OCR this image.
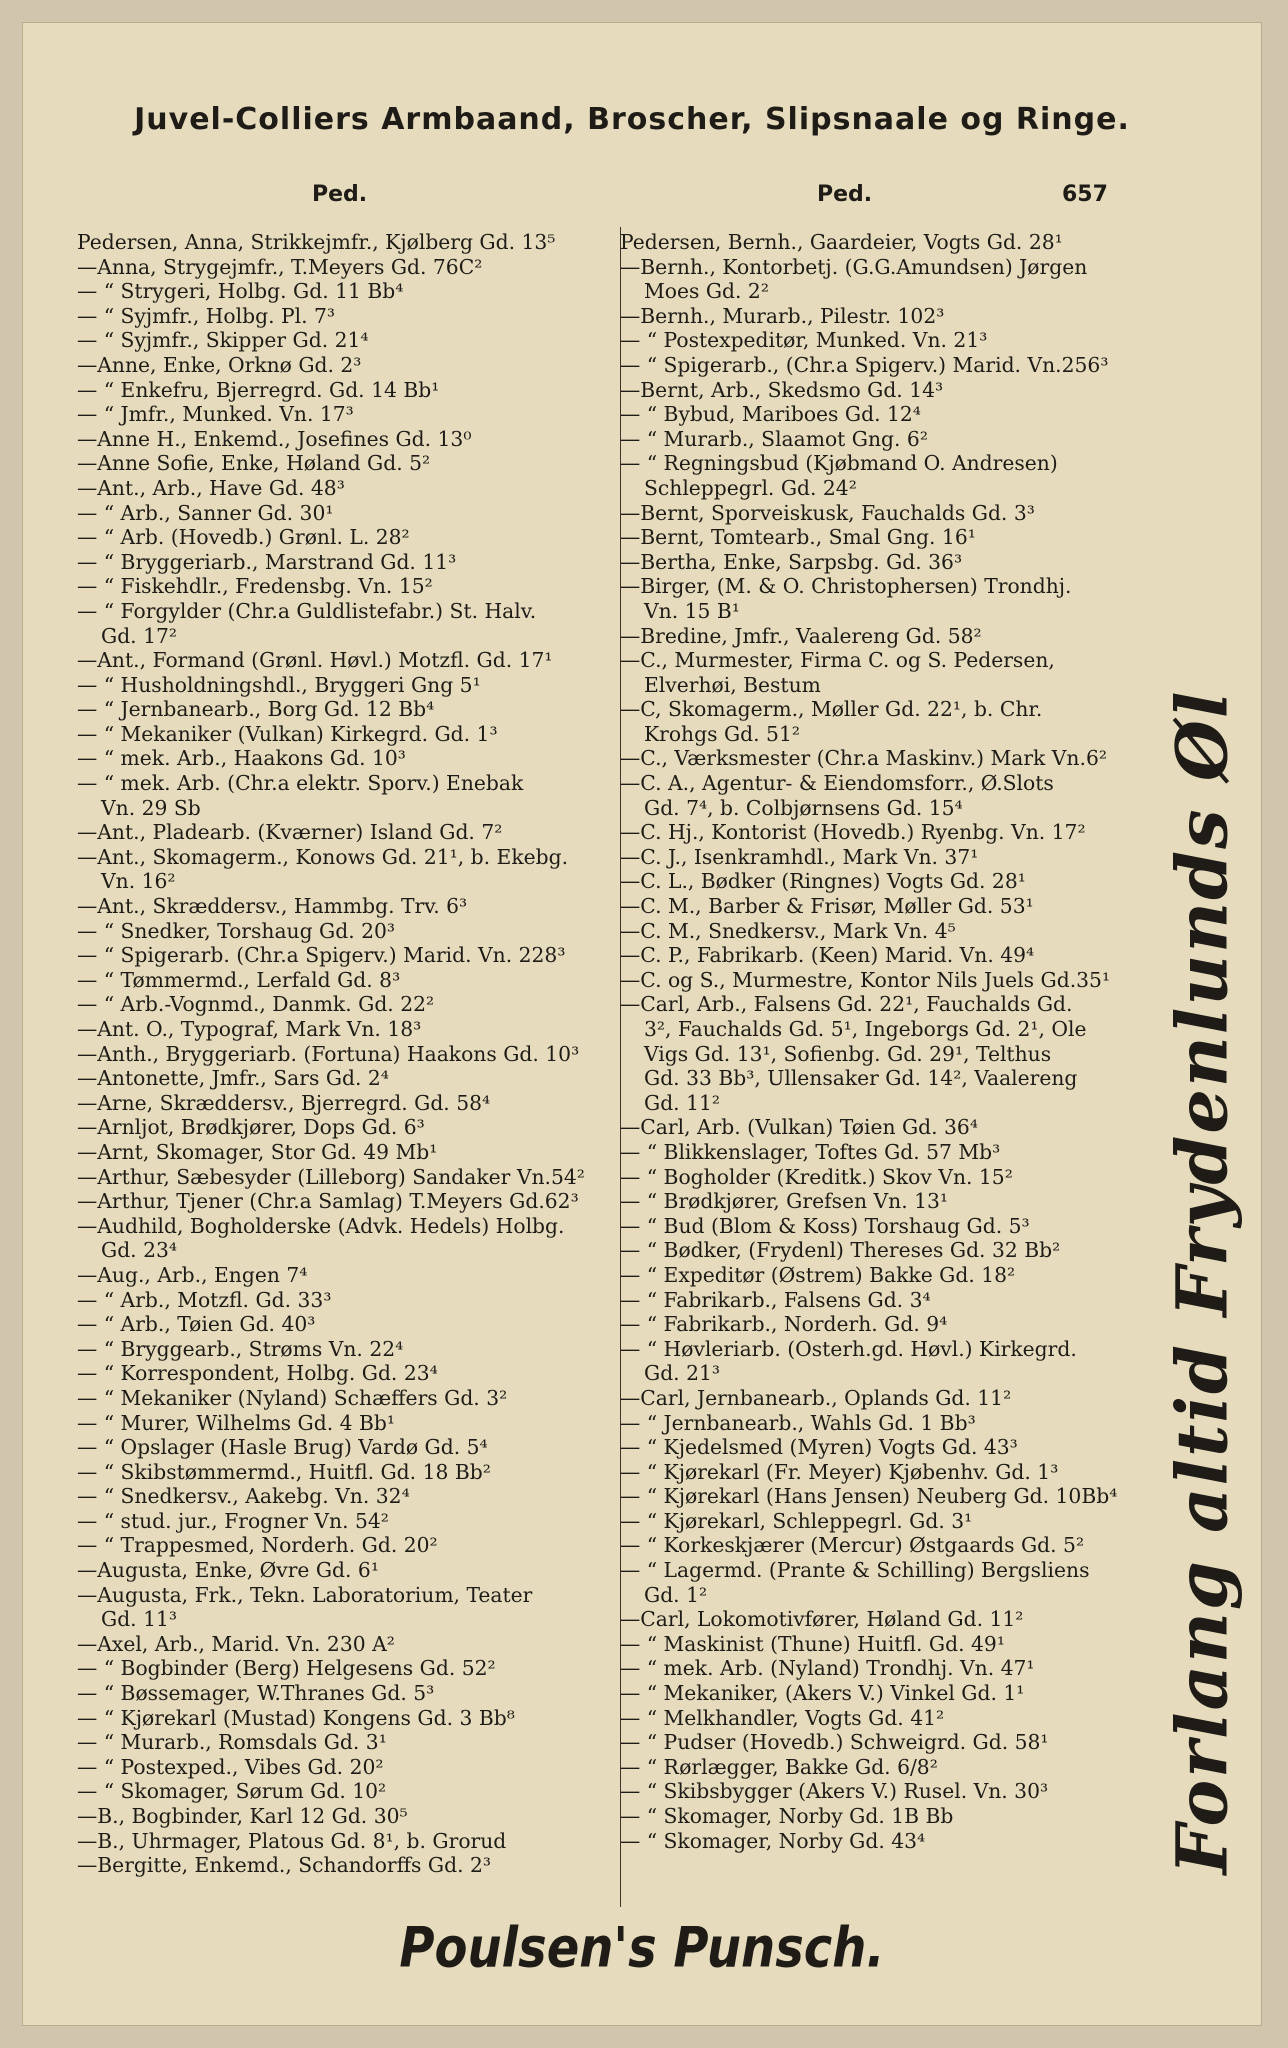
Juvel-Colliers Armbaand, Broscher, Slipsnaale og Ringe.
Ped.	Ped.	657
Pedersen, Anna, Strikkejmfr., Kjølberg Gd. 13⁵
—Anna, Strygejmfr., T.Meyers Gd. 76C²
— “ Strygeri, Holbg. Gd. 11 Bb⁴
— “ Syjmfr., Holbg. Pl. 7³
— “ Syjmfr., Skipper Gd. 21⁴
—Anne, Enke, Orknø Gd. 2³
— “ Enkefru, Bjerregrd. Gd. 14 Bb¹
— “ Jmfr., Munked. Vn. 17³
—Anne H., Enkemd., Josefines Gd. 13⁰
—Anne Sofie, Enke, Høland Gd. 5²
—Ant., Arb., Have Gd. 48³
— “ Arb., Sanner Gd. 30¹
— “ Arb. (Hovedb.) Grønl. L. 28²
— “ Bryggeriarb., Marstrand Gd. 11³
— “ Fiskehdlr., Fredensbg. Vn. 15²
— “ Forgylder (Chr.a Guldlistefabr.) St. Halv.
Gd. 17²
—Ant., Formand (Grønl. Høvl.) Motzfl. Gd. 17¹
— “ Husholdningshdl., Bryggeri Gng 5¹
— “ Jernbanearb., Borg Gd. 12 Bb⁴
— “ Mekaniker (Vulkan) Kirkegrd. Gd. 1³
— “ mek. Arb., Haakons Gd. 10³
— “ mek. Arb. (Chr.a elektr. Sporv.) Enebak
Vn. 29 Sb
—Ant., Pladearb. (Kværner) Island Gd. 7²
—Ant., Skomagerm., Konows Gd. 21¹, b. Ekebg.
Vn. 16²
—Ant., Skræddersv., Hammbg. Trv. 6³
— “ Snedker, Torshaug Gd. 20³
— “ Spigerarb. (Chr.a Spigerv.) Marid. Vn. 228³
— “ Tømmermd., Lerfald Gd. 8³
— “ Arb.-Vognmd., Danmk. Gd. 22²
—Ant. O., Typograf, Mark Vn. 18³
—Anth., Bryggeriarb. (Fortuna) Haakons Gd. 10³
—Antonette, Jmfr., Sars Gd. 2⁴
—Arne, Skræddersv., Bjerregrd. Gd. 58⁴
—Arnljot, Brødkjører, Dops Gd. 6³
—Arnt, Skomager, Stor Gd. 49 Mb¹
—Arthur, Sæbesyder (Lilleborg) Sandaker Vn.54²
—Arthur, Tjener (Chr.a Samlag) T.Meyers Gd.62³
—Audhild, Bogholderske (Advk. Hedels) Holbg.
Gd. 23⁴
—Aug., Arb., Engen 7⁴
— “ Arb., Motzfl. Gd. 33³
— “ Arb., Tøien Gd. 40³
— “ Bryggearb., Strøms Vn. 22⁴
— “ Korrespondent, Holbg. Gd. 23⁴
— “ Mekaniker (Nyland) Schæffers Gd. 3²
— “ Murer, Wilhelms Gd. 4 Bb¹
— “ Opslager (Hasle Brug) Vardø Gd. 5⁴
— “ Skibstømmermd., Huitfl. Gd. 18 Bb²
— “ Snedkersv., Aakebg. Vn. 32⁴
— “ stud. jur., Frogner Vn. 54²
— “ Trappesmed, Norderh. Gd. 20²
—Augusta, Enke, Øvre Gd. 6¹
—Augusta, Frk., Tekn. Laboratorium, Teater
Gd. 11³
—Axel, Arb., Marid. Vn. 230 A²
— “ Bogbinder (Berg) Helgesens Gd. 52²
— “ Bøssemager, W.Thranes Gd. 5³
— “ Kjørekarl (Mustad) Kongens Gd. 3 Bb⁸
— “ Murarb., Romsdals Gd. 3¹
— “ Postexped., Vibes Gd. 20²
— “ Skomager, Sørum Gd. 10²
—B., Bogbinder, Karl 12 Gd. 30⁵
—B., Uhrmager, Platous Gd. 8¹, b. Grorud
—Bergitte, Enkemd., Schandorffs Gd. 2³
Pedersen, Bernh., Gaardeier, Vogts Gd. 28¹
—Bernh., Kontorbetj. (G.G.Amundsen) Jørgen
Moes Gd. 2²
—Bernh., Murarb., Pilestr. 102³
— “ Postexpeditør, Munked. Vn. 21³
— “ Spigerarb., (Chr.a Spigerv.) Marid. Vn.256³
—Bernt, Arb., Skedsmo Gd. 14³
— “ Bybud, Mariboes Gd. 12⁴
— “ Murarb., Slaamot Gng. 6²
— “ Regningsbud (Kjøbmand O. Andresen)
Schleppegrl. Gd. 24²
—Bernt, Sporveiskusk, Fauchalds Gd. 3³
—Bernt, Tomtearb., Smal Gng. 16¹
—Bertha, Enke, Sarpsbg. Gd. 36³
—Birger, (M. & O. Christophersen) Trondhj.
Vn. 15 B¹
—Bredine, Jmfr., Vaalereng Gd. 58²
—C., Murmester, Firma C. og S. Pedersen,
Elverhøi, Bestum
—C, Skomagerm., Møller Gd. 22¹, b. Chr.
Krohgs Gd. 51²
—C., Værksmester (Chr.a Maskinv.) Mark Vn.6²
—C. A., Agentur- & Eiendomsforr., Ø.Slots
Gd. 7⁴, b. Colbjørnsens Gd. 15⁴
—C. Hj., Kontorist (Hovedb.) Ryenbg. Vn. 17²
—C. J., Isenkramhdl., Mark Vn. 37¹
—C. L., Bødker (Ringnes) Vogts Gd. 28¹
—C. M., Barber & Frisør, Møller Gd. 53¹
—C. M., Snedkersv., Mark Vn. 4⁵
—C. P., Fabrikarb. (Keen) Marid. Vn. 49⁴
—C. og S., Murmestre, Kontor Nils Juels Gd.35¹
—Carl, Arb., Falsens Gd. 22¹, Fauchalds Gd.
3², Fauchalds Gd. 5¹, Ingeborgs Gd. 2¹, Ole
Vigs Gd. 13¹, Sofienbg. Gd. 29¹, Telthus
Gd. 33 Bb³, Ullensaker Gd. 14², Vaalereng
Gd. 11²
—Carl, Arb. (Vulkan) Tøien Gd. 36⁴
— “ Blikkenslager, Toftes Gd. 57 Mb³
— “ Bogholder (Kreditk.) Skov Vn. 15²
— “ Brødkjører, Grefsen Vn. 13¹
— “ Bud (Blom & Koss) Torshaug Gd. 5³
— “ Bødker, (Frydenl) Thereses Gd. 32 Bb²
— “ Expeditør (Østrem) Bakke Gd. 18²
— “ Fabrikarb., Falsens Gd. 3⁴
— “ Fabrikarb., Norderh. Gd. 9⁴
— “ Høvleriarb. (Osterh.gd. Høvl.) Kirkegrd.
Gd. 21³
—Carl, Jernbanearb., Oplands Gd. 11²
— “ Jernbanearb., Wahls Gd. 1 Bb³
— “ Kjedelsmed (Myren) Vogts Gd. 43³
— “ Kjørekarl (Fr. Meyer) Kjøbenhv. Gd. 1³
— “ Kjørekarl (Hans Jensen) Neuberg Gd. 10Bb⁴
— “ Kjørekarl, Schleppegrl. Gd. 3¹
— “ Korkeskjærer (Mercur) Østgaards Gd. 5²
— “ Lagermd. (Prante & Schilling) Bergsliens
Gd. 1²
—Carl, Lokomotivfører, Høland Gd. 11²
— “ Maskinist (Thune) Huitfl. Gd. 49¹
— “ mek. Arb. (Nyland) Trondhj. Vn. 47¹
— “ Mekaniker, (Akers V.) Vinkel Gd. 1¹
— “ Melkhandler, Vogts Gd. 41²
— “ Pudser (Hovedb.) Schweigrd. Gd. 58¹
— “ Rørlægger, Bakke Gd. 6/8²
— “ Skibsbygger (Akers V.) Rusel. Vn. 30³
— “ Skomager, Norby Gd. 1B Bb
— “ Skomager, Norby Gd. 43⁴	Forlang altid Frydenlunds Øl
Poulsen's Punsch.
